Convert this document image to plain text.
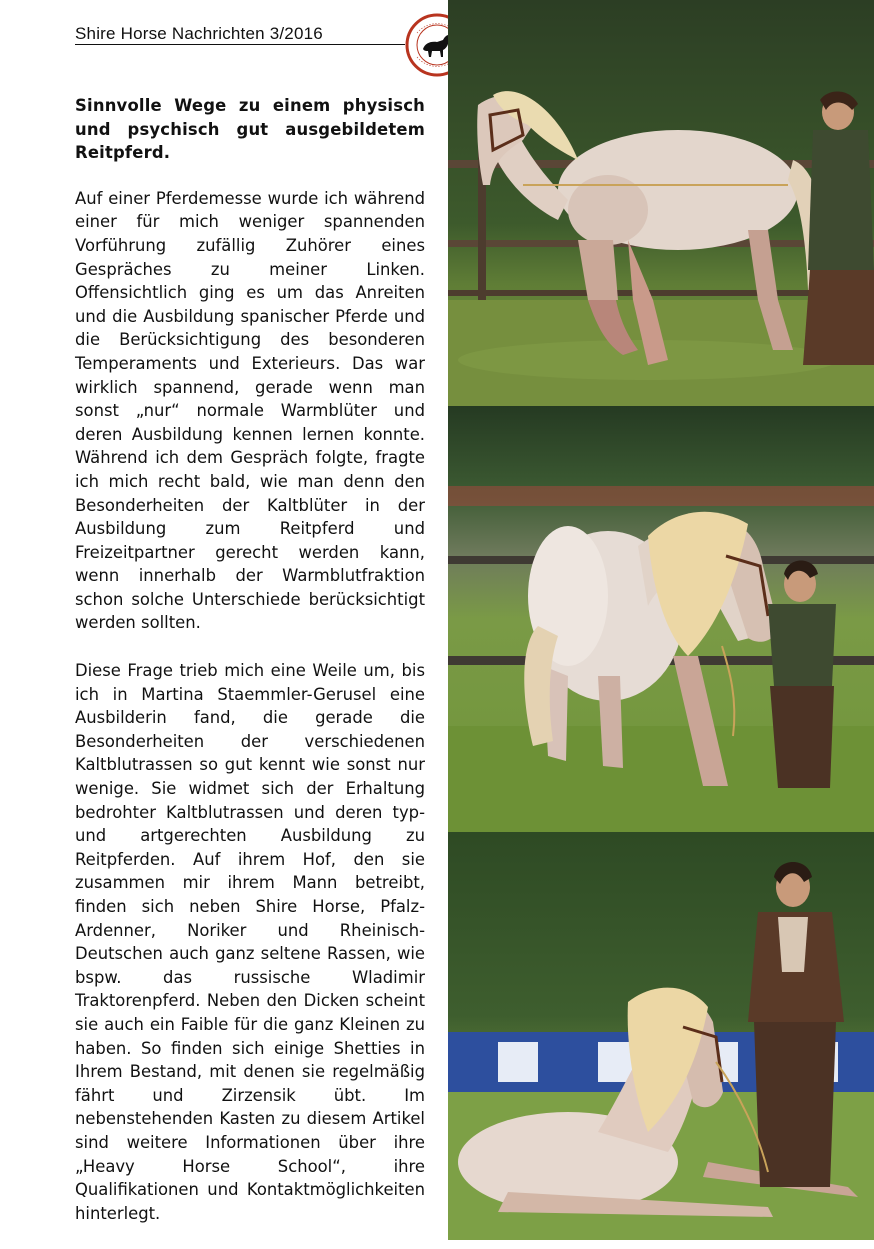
Shire Horse Nachrichten 3/2016
Sinnvolle Wege zu einem physisch und psychisch gut ausgebildetem Reitpferd.

Auf einer Pferdemesse wurde ich während einer für mich weniger spannenden Vorführung zufällig Zuhörer eines Gespräches zu meiner Linken. Offensichtlich ging es um das Anreiten und die Ausbildung spanischer Pferde und die Berücksichtigung des besonderen Temperaments und Exterieurs. Das war wirklich spannend, gerade wenn man sonst „nur“ normale Warmblüter und deren Ausbildung kennen lernen konnte. Während ich dem Gespräch folgte, fragte ich mich recht bald, wie man denn den Besonderheiten der Kaltblüter in der Ausbildung zum Reitpferd und Freizeitpartner gerecht werden kann, wenn innerhalb der Warmblutfraktion schon solche Unterschiede berücksichtigt werden sollten.

Diese Frage trieb mich eine Weile um, bis ich in Martina Staemmler-Gerusel eine Ausbilderin fand, die gerade die Besonderheiten der verschiedenen Kaltblutrassen so gut kennt wie sonst nur wenige. Sie widmet sich der Erhaltung bedrohter Kaltblutrassen und deren typ- und artgerechten Ausbildung zu Reitpferden. Auf ihrem Hof, den sie zusammen mir ihrem Mann betreibt, finden sich neben Shire Horse, Pfalz-Ardenner, Noriker und Rheinisch-Deutschen auch ganz seltene Rassen, wie bspw. das russische Wladimir Traktorenpferd. Neben den Dicken scheint sie auch ein Faible für die ganz Kleinen zu haben. So finden sich einige Shetties in Ihrem Bestand, mit denen sie regelmäßig fährt und Zirzensik übt. Im nebenstehenden Kasten zu diesem Artikel sind weitere Informationen über ihre „Heavy Horse School“, ihre Qualifikationen und Kontaktmöglichkeiten hinterlegt.
